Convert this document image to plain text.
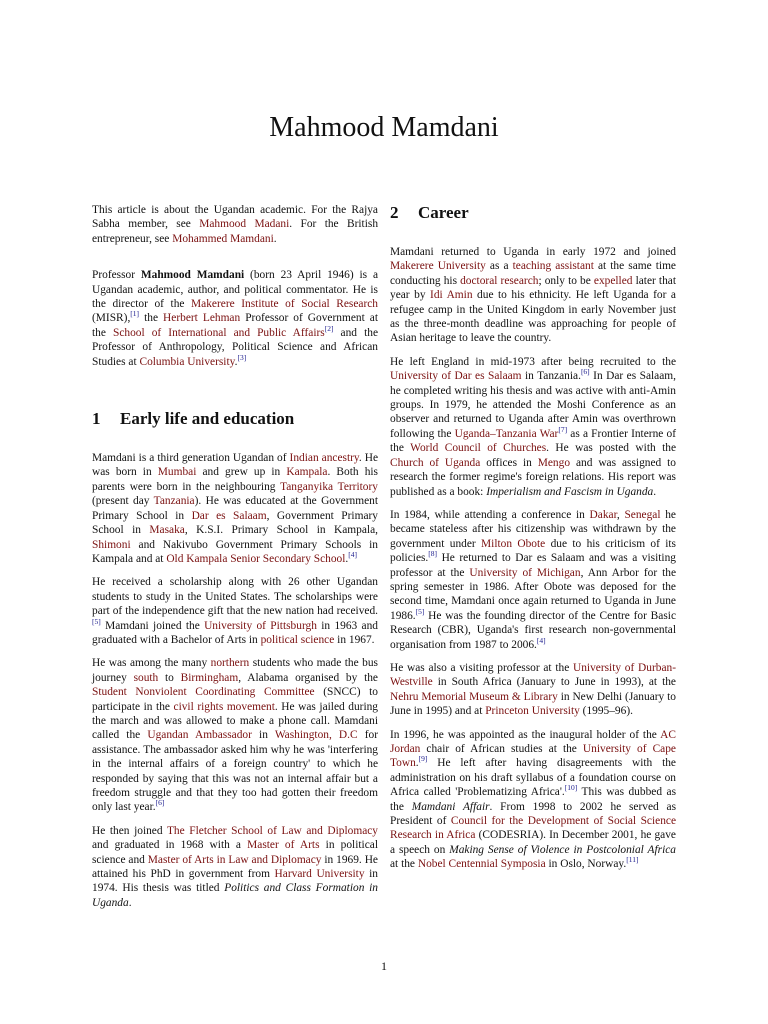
Mahmood Mamdani

This article is about the Ugandan academic. For the Rajya Sabha member, see Mahmood Madani. For the British entrepreneur, see Mohammed Mamdani.

Professor Mahmood Mamdani (born 23 April 1946) is a Ugandan academic, author, and political commentator. He is the director of the Makerere Institute of Social Research (MISR),[1] the Herbert Lehman Professor of Government at the School of International and Public Affairs[2] and the Professor of Anthropology, Political Science and African Studies at Columbia University.[3]

1 Early life and education

Mamdani is a third generation Ugandan of Indian ancestry. He was born in Mumbai and grew up in Kampala. Both his parents were born in the neighbouring Tanganyika Territory (present day Tanzania). He was educated at the Government Primary School in Dar es Salaam, Government Primary School in Masaka, K.S.I. Primary School in Kampala, Shimoni and Nakivubo Government Primary Schools in Kampala and at Old Kampala Senior Secondary School.[4]

He received a scholarship along with 26 other Ugandan students to study in the United States. The scholarships were part of the independence gift that the new nation had received.[5] Mamdani joined the University of Pittsburgh in 1963 and graduated with a Bachelor of Arts in political science in 1967.

He was among the many northern students who made the bus journey south to Birmingham, Alabama organised by the Student Nonviolent Coordinating Committee (SNCC) to participate in the civil rights movement. He was jailed during the march and was allowed to make a phone call. Mamdani called the Ugandan Ambassador in Washington, D.C for assistance. The ambassador asked him why he was 'interfering in the internal affairs of a foreign country' to which he responded by saying that this was not an internal affair but a freedom struggle and that they too had gotten their freedom only last year.[6]

He then joined The Fletcher School of Law and Diplomacy and graduated in 1968 with a Master of Arts in political science and Master of Arts in Law and Diplomacy in 1969. He attained his PhD in government from Harvard University in 1974. His thesis was titled Politics and Class Formation in Uganda.

2 Career

Mamdani returned to Uganda in early 1972 and joined Makerere University as a teaching assistant at the same time conducting his doctoral research; only to be expelled later that year by Idi Amin due to his ethnicity. He left Uganda for a refugee camp in the United Kingdom in early November just as the three-month deadline was approaching for people of Asian heritage to leave the country.

He left England in mid-1973 after being recruited to the University of Dar es Salaam in Tanzania.[6] In Dar es Salaam, he completed writing his thesis and was active with anti-Amin groups. In 1979, he attended the Moshi Conference as an observer and returned to Uganda after Amin was overthrown following the Uganda–Tanzania War[7] as a Frontier Interne of the World Council of Churches. He was posted with the Church of Uganda offices in Mengo and was assigned to research the former regime's foreign relations. His report was published as a book: Imperialism and Fascism in Uganda.

In 1984, while attending a conference in Dakar, Senegal he became stateless after his citizenship was withdrawn by the government under Milton Obote due to his criticism of its policies.[8] He returned to Dar es Salaam and was a visiting professor at the University of Michigan, Ann Arbor for the spring semester in 1986. After Obote was deposed for the second time, Mamdani once again returned to Uganda in June 1986.[5] He was the founding director of the Centre for Basic Research (CBR), Uganda's first research non-governmental organisation from 1987 to 2006.[4]

He was also a visiting professor at the University of Durban-Westville in South Africa (January to June in 1993), at the Nehru Memorial Museum & Library in New Delhi (January to June in 1995) and at Princeton University (1995–96).

In 1996, he was appointed as the inaugural holder of the AC Jordan chair of African studies at the University of Cape Town.[9] He left after having disagreements with the administration on his draft syllabus of a foundation course on Africa called 'Problematizing Africa'.[10] This was dubbed as the Mamdani Affair. From 1998 to 2002 he served as President of Council for the Development of Social Science Research in Africa (CODESRIA). In December 2001, he gave a speech on Making Sense of Violence in Postcolonial Africa at the Nobel Centennial Symposia in Oslo, Norway.[11]

1
